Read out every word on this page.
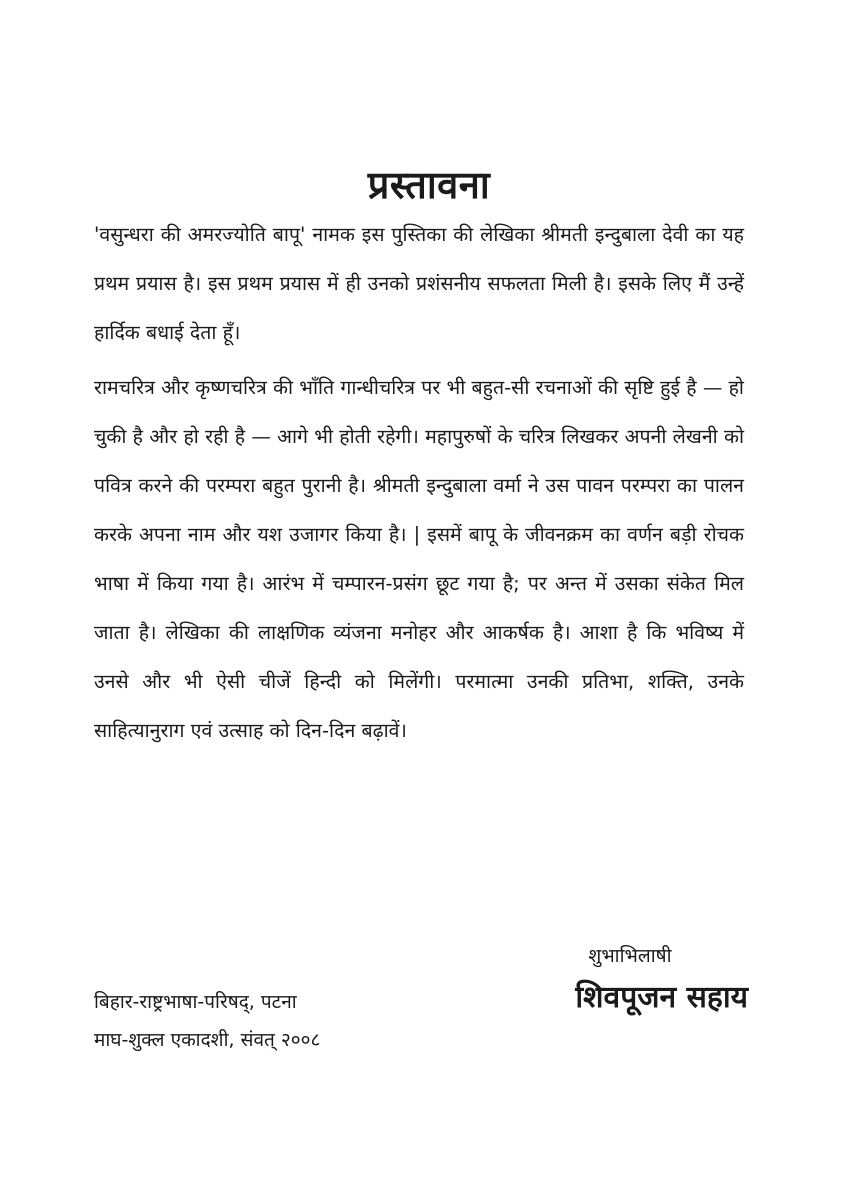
प्रस्तावना

'वसुन्धरा की अमरज्योति बापू' नामक इस पुस्तिका की लेखिका श्रीमती इन्दुबाला देवी का यह प्रथम प्रयास है। इस प्रथम प्रयास में ही उनको प्रशंसनीय सफलता मिली है। इसके लिए मैं उन्हें हार्दिक बधाई देता हूँ।

रामचरित्र और कृष्णचरित्र की भाँति गान्धीचरित्र पर भी बहुत-सी रचनाओं की सृष्टि हुई है — हो चुकी है और हो रही है — आगे भी होती रहेगी। महापुरुषों के चरित्र लिखकर अपनी लेखनी को पवित्र करने की परम्परा बहुत पुरानी है। श्रीमती इन्दुबाला वर्मा ने उस पावन परम्परा का पालन करके अपना नाम और यश उजागर किया है। | इसमें बापू के जीवनक्रम का वर्णन बड़ी रोचक भाषा में किया गया है। आरंभ में चम्पारन-प्रसंग छूट गया है; पर अन्त में उसका संकेत मिल जाता है। लेखिका की लाक्षणिक व्यंजना मनोहर और आकर्षक है। आशा है कि भविष्य में उनसे और भी ऐसी चीजें हिन्दी को मिलेंगी। परमात्मा उनकी प्रतिभा, शक्ति, उनके साहित्यानुराग एवं उत्साह को दिन-दिन बढ़ावें।

शुभाभिलाषी
शिवपूजन सहाय
बिहार-राष्ट्रभाषा-परिषद्, पटना
माघ-शुक्ल एकादशी, संवत् २००८
